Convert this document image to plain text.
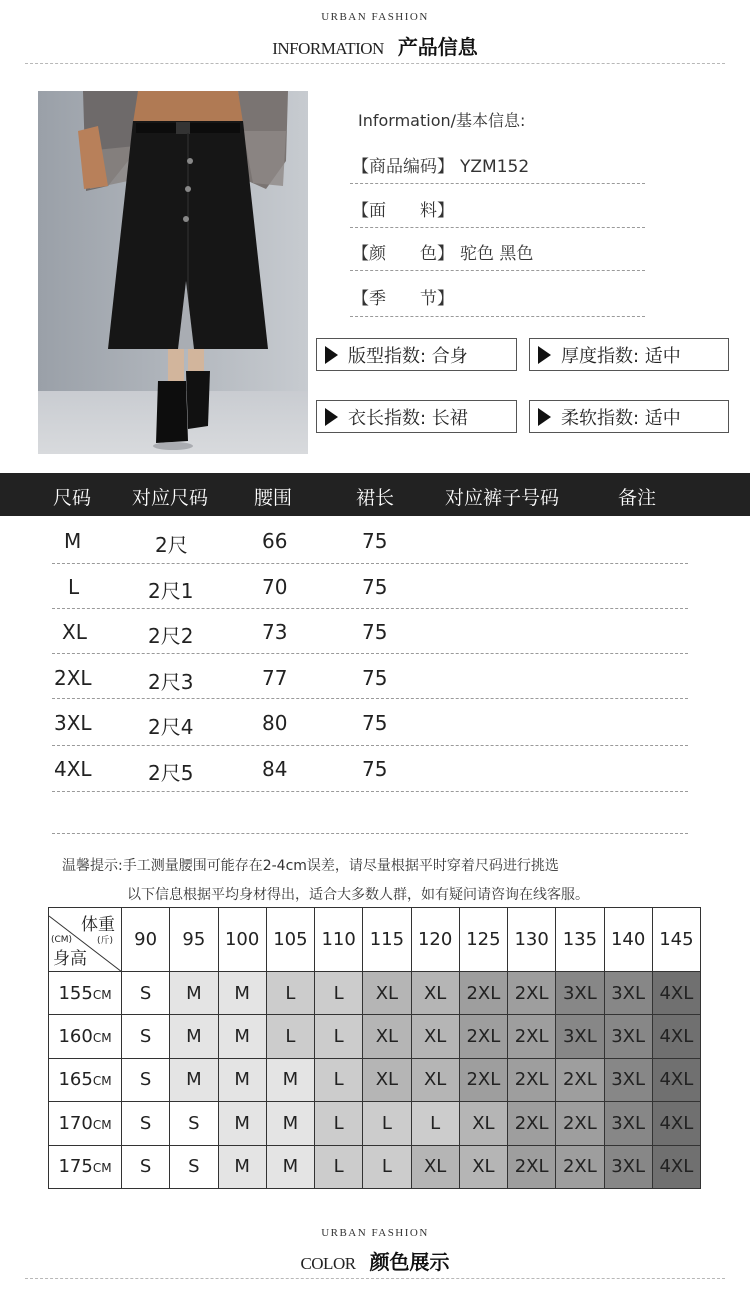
URBAN FASHION
INFORMATION 产品信息
Information/基本信息:
【商品编码】 YZM152
【面　　料】
【颜　　色】 驼色 黑色
【季　　节】
版型指数: 合身	厚度指数: 适中
衣长指数: 长裙	柔软指数: 适中
尺码 对应尺码 腰围	裙长	对应裤子号码	备注
M	2尺	66	75
L	2尺1	70	75
XL	2尺2	73	75
2XL	2尺3	77	75
3XL	2尺4	80	75
4XL	2尺5	84	75
温馨提示:手工测量腰围可能存在2-4cm误差，请尽量根据平时穿着尺码进行挑选
以下信息根据平均身材得出，适合大多数人群，如有疑问请咨询在线客服。
体重
(斤)
(CM)
身高	90	95	100	105	110	115	120	125	130	135	140	145
155CM	S	M	M	L	L	XL	XL	2XL	2XL	3XL	3XL	4XL
160CM	S	M	M	L	L	XL	XL	2XL	2XL	3XL	3XL	4XL
165CM	S	M	M	M	L	XL	XL	2XL	2XL	2XL	3XL	4XL
170CM	S	S	M	M	L	L	L	XL	2XL	2XL	3XL	4XL
175CM	S	S	M	M	L	L	XL	XL	2XL	2XL	3XL	4XL
URBAN FASHION
COLOR 颜色展示
